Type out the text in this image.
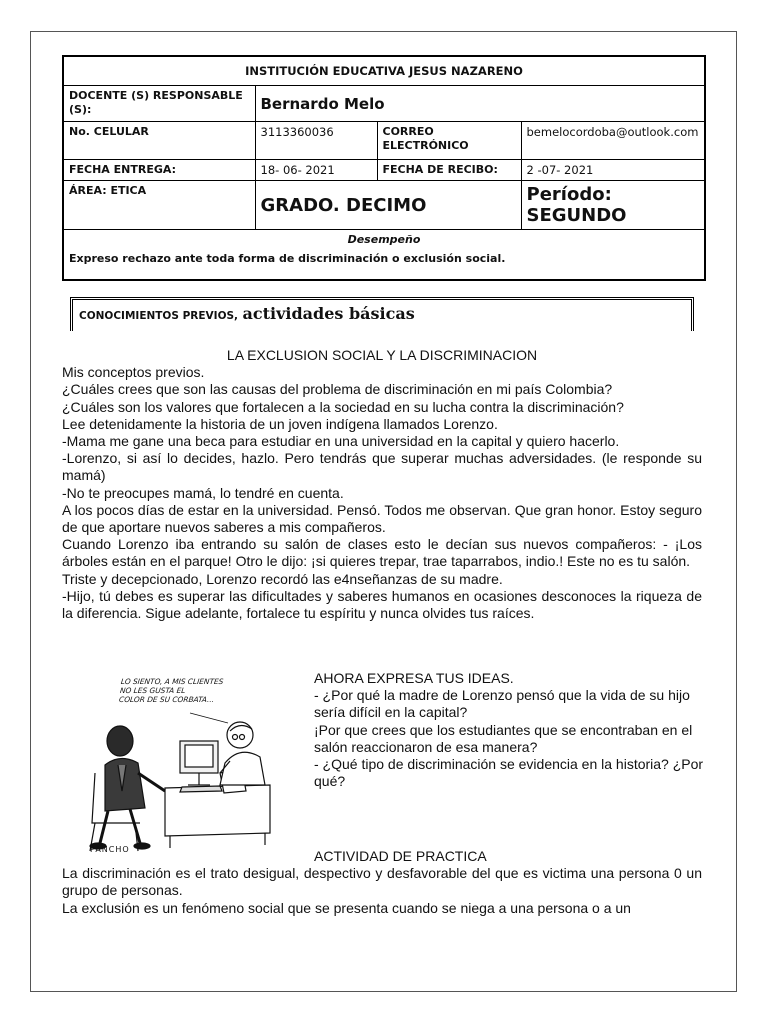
INSTITUCIÓN EDUCATIVA JESUS NAZARENO			
DOCENTE (S) RESPONSABLE (S):	Bernardo Melo		
No. CELULAR	3113360036	CORREO ELECTRÓNICO	bemelocordoba@outlook.com
FECHA ENTREGA:	18- 06- 2021	FECHA DE RECIBO:	2 -07- 2021
ÁREA: ETICA	GRADO. DECIMO		Período: SEGUNDO

Desempeño
Expreso rechazo ante toda forma de discriminación o exclusión social.			
CONOCIMIENTOS PREVIOS, actividades básicas

LA EXCLUSION SOCIAL Y LA DISCRIMINACION

Mis conceptos previos.

¿Cuáles crees que son las causas del problema de discriminación en mi país Colombia?

¿Cuáles son los valores que fortalecen a la sociedad en su lucha contra la discriminación?

Lee detenidamente la historia de un joven indígena llamados Lorenzo.

-Mama me gane una beca para estudiar en una universidad en la capital y quiero hacerlo.

-Lorenzo, si así lo decides, hazlo. Pero tendrás que superar muchas adversidades. (le responde su mamá)

-No te preocupes mamá, lo tendré en cuenta.

A los pocos días de estar en la universidad. Pensó. Todos me observan. Que gran honor. Estoy seguro de que aportare nuevos saberes a mis compañeros.

Cuando Lorenzo iba entrando su salón de clases esto le decían sus nuevos compañeros: - ¡Los árboles están en el parque! Otro le dijo: ¡si quieres trepar, trae taparrabos, indio.! Este no es tu salón.

Triste y decepcionado, Lorenzo recordó las e4nseñanzas de su madre.

-Hijo, tú debes es superar las dificultades y saberes humanos en ocasiones desconoces la riqueza de la diferencia. Sigue adelante, fortalece tu espíritu y nunca olvides tus raíces.

LO SIENTO, A MIS CLIENTES
NO LES GUSTA EL
COLOR DE SU CORBATA...
PANCHO

AHORA EXPRESA TUS IDEAS.

- ¿Por qué la madre de Lorenzo pensó que la vida de su hijo sería difícil en la capital?

¡Por que crees que los estudiantes que se encontraban en el salón reaccionaron de esa manera?

- ¿Qué tipo de discriminación se evidencia en la historia? ¿Por qué?

ACTIVIDAD DE PRACTICA

La discriminación es el trato desigual, despectivo y desfavorable del que es victima una persona 0 un grupo de personas.

La exclusión es un fenómeno social que se presenta cuando se niega a una persona o a un
